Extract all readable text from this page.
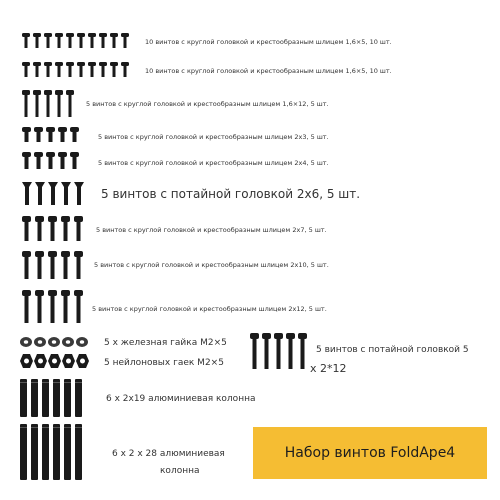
10 винтов с круглой головкой и крестообразным шлицем 1,6×5, 10 шт.
10 винтов с круглой головкой и крестообразным шлицем 1,6×5, 10 шт.
5 винтов с круглой головкой и крестообразным шлицем 1,6×12, 5 шт.
5 винтов с круглой головкой и крестообразным шлицем 2х3, 5 шт.
5 винтов с круглой головкой и крестообразным шлицем 2х4, 5 шт.
5 винтов с потайной головкой 2х6, 5 шт.
5 винтов с круглой головкой и крестообразным шлицем 2х7, 5 шт.
5 винтов с круглой головкой и крестообразным шлицем 2х10, 5 шт.
5 винтов с круглой головкой и крестообразным шлицем 2х12, 5 шт.
5 х железная гайка М2×5
5 нейлоновых гаек М2×5
5 винтов с потайной головкой 5
х 2*12
6 х 2х19 алюминиевая колонна
6 х 2 х 28 алюминиевая
колонна
Набор винтов FoldApe4
